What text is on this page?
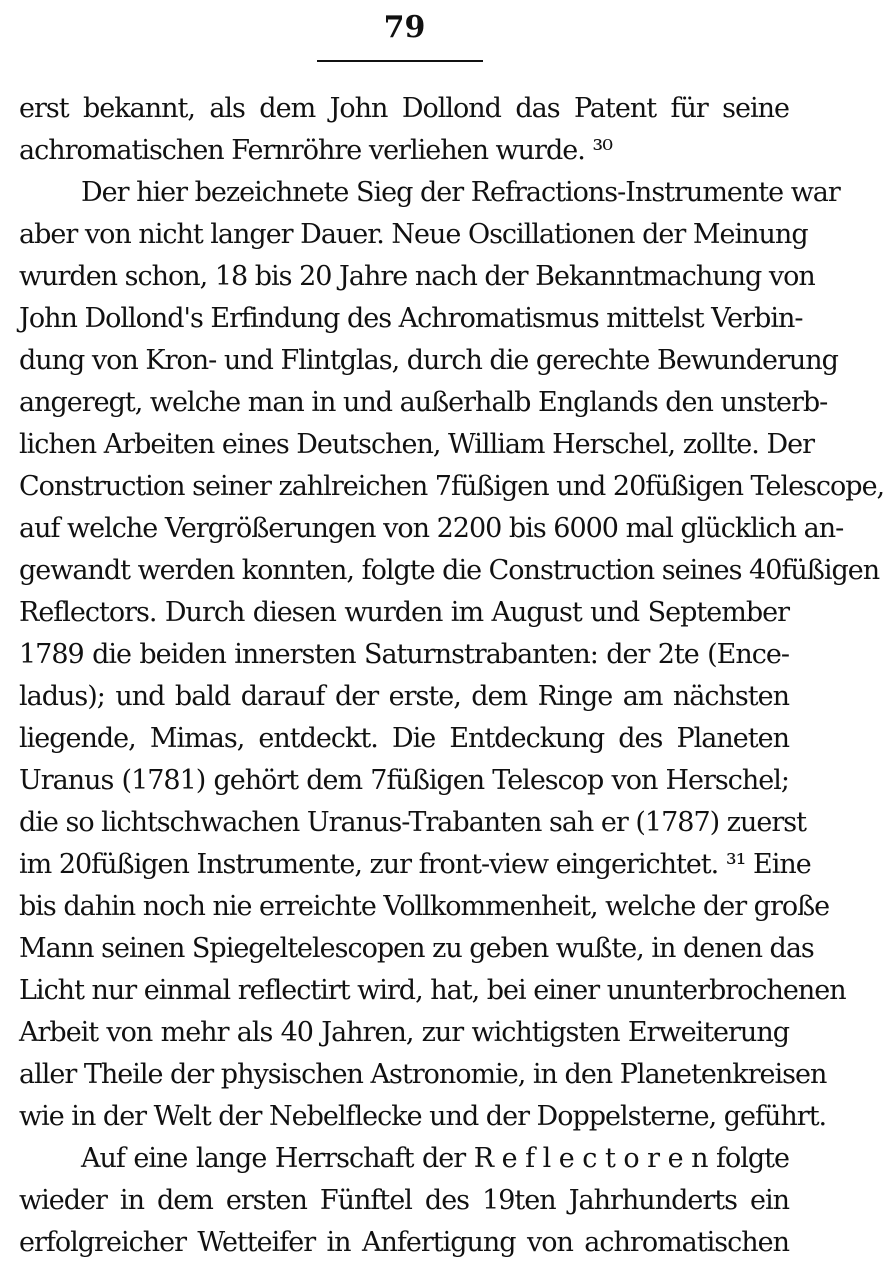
79
erst bekannt, als dem John Dollond das Patent für seine
achromatischen Fernröhre verliehen wurde. ³⁰
Der hier bezeichnete Sieg der Refractions-Instrumente war
aber von nicht langer Dauer. Neue Oscillationen der Meinung
wurden schon, 18 bis 20 Jahre nach der Bekanntmachung von
John Dollond's Erfindung des Achromatismus mittelst Verbin-
dung von Kron- und Flintglas, durch die gerechte Bewunderung
angeregt, welche man in und außerhalb Englands den unsterb-
lichen Arbeiten eines Deutschen, William Herschel, zollte. Der
Construction seiner zahlreichen 7füßigen und 20füßigen Telescope,
auf welche Vergrößerungen von 2200 bis 6000 mal glücklich an-
gewandt werden konnten, folgte die Construction seines 40füßigen
Reflectors. Durch diesen wurden im August und September
1789 die beiden innersten Saturnstrabanten: der 2te (Ence-
ladus); und bald darauf der erste, dem Ringe am nächsten
liegende, Mimas, entdeckt. Die Entdeckung des Planeten
Uranus (1781) gehört dem 7füßigen Telescop von Herschel;
die so lichtschwachen Uranus-Trabanten sah er (1787) zuerst
im 20füßigen Instrumente, zur front-view eingerichtet. ³¹ Eine
bis dahin noch nie erreichte Vollkommenheit, welche der große
Mann seinen Spiegeltelescopen zu geben wußte, in denen das
Licht nur einmal reflectirt wird, hat, bei einer ununterbrochenen
Arbeit von mehr als 40 Jahren, zur wichtigsten Erweiterung
aller Theile der physischen Astronomie, in den Planetenkreisen
wie in der Welt der Nebelflecke und der Doppelsterne, geführt.
Auf eine lange Herrschaft der R e f l e c t o r e n folgte
wieder in dem ersten Fünftel des 19ten Jahrhunderts ein
erfolgreicher Wetteifer in Anfertigung von achromatischen
